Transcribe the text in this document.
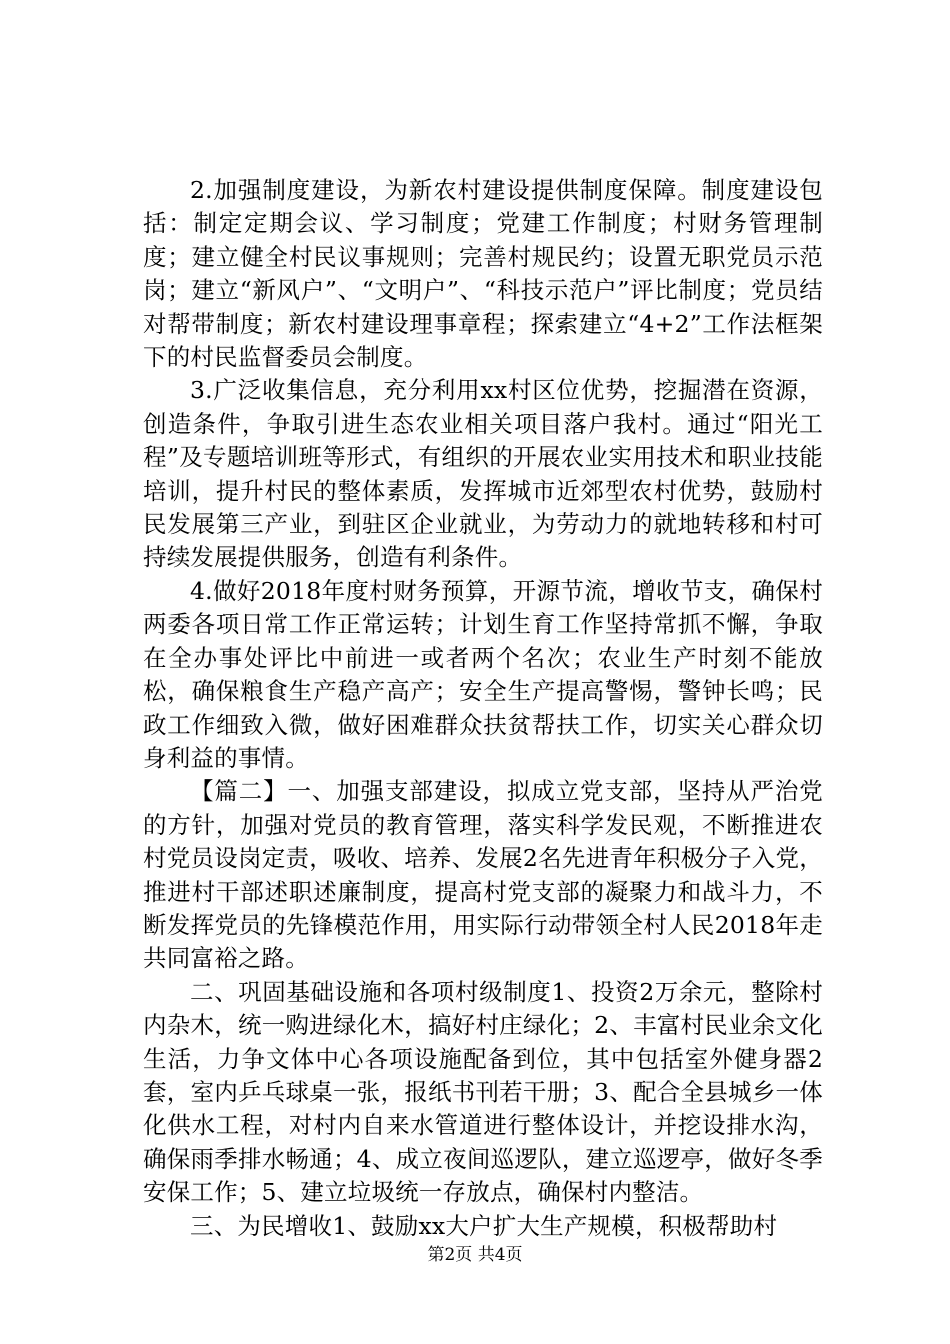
2.加强制度建设，为新农村建设提供制度保障。制度建设包括：制定定期会议、学习制度；党建工作制度；村财务管理制度；建立健全村民议事规则；完善村规民约；设置无职党员示范岗；建立“新风户”、“文明户”、“科技示范户”评比制度；党员结对帮带制度；新农村建设理事章程；探索建立“4+2”工作法框架下的村民监督委员会制度。

3.广泛收集信息，充分利用xx村区位优势，挖掘潜在资源，创造条件，争取引进生态农业相关项目落户我村。通过“阳光工程”及专题培训班等形式，有组织的开展农业实用技术和职业技能培训，提升村民的整体素质，发挥城市近郊型农村优势，鼓励村民发展第三产业，到驻区企业就业，为劳动力的就地转移和村可持续发展提供服务，创造有利条件。

4.做好2018年度村财务预算，开源节流，增收节支，确保村两委各项日常工作正常运转；计划生育工作坚持常抓不懈，争取在全办事处评比中前进一或者两个名次；农业生产时刻不能放松，确保粮食生产稳产高产；安全生产提高警惕，警钟长鸣；民政工作细致入微，做好困难群众扶贫帮扶工作，切实关心群众切身利益的事情。

【篇二】一、加强支部建设，拟成立党支部，坚持从严治党的方针，加强对党员的教育管理，落实科学发民观，不断推进农村党员设岗定责，吸收、培养、发展2名先进青年积极分子入党，推进村干部述职述廉制度，提高村党支部的凝聚力和战斗力，不断发挥党员的先锋模范作用，用实际行动带领全村人民2018年走共同富裕之路。

二、巩固基础设施和各项村级制度1、投资2万余元，整除村内杂木，统一购进绿化木，搞好村庄绿化；2、丰富村民业余文化生活，力争文体中心各项设施配备到位，其中包括室外健身器2套，室内乒乓球桌一张，报纸书刊若干册；3、配合全县城乡一体化供水工程，对村内自来水管道进行整体设计，并挖设排水沟，确保雨季排水畅通；4、成立夜间巡逻队，建立巡逻亭，做好冬季安保工作；5、建立垃圾统一存放点，确保村内整洁。

三、为民增收1、鼓励xx大户扩大生产规模，积极帮助村

第2页 共4页
